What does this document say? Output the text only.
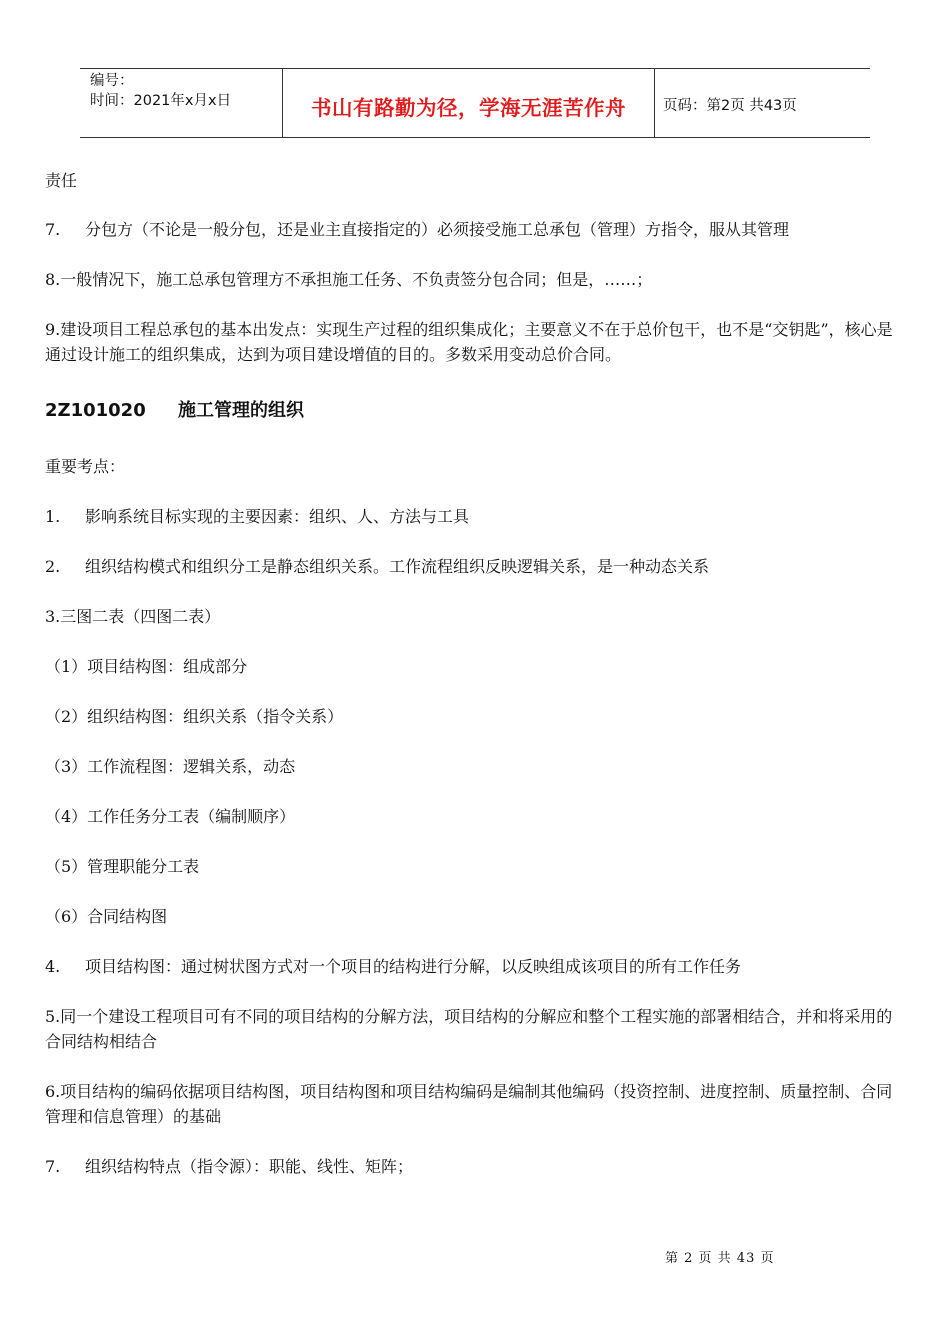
编号：
时间：2021年x月x日	书山有路勤为径，学海无涯苦作舟	页码：第2页 共43页
责任
7. 分包方（不论是一般分包，还是业主直接指定的）必须接受施工总承包（管理）方指令，服从其管理
8.一般情况下，施工总承包管理方不承担施工任务、不负责签分包合同；但是，……；
9.建设项目工程总承包的基本出发点：实现生产过程的组织集成化；主要意义不在于总价包干，也不是“交钥匙”，核心是通过设计施工的组织集成，达到为项目建设增值的目的。多数采用变动总价合同。
2Z101020 施工管理的组织
重要考点：
1. 影响系统目标实现的主要因素：组织、人、方法与工具
2. 组织结构模式和组织分工是静态组织关系。工作流程组织反映逻辑关系，是一种动态关系
3.三图二表（四图二表）
（1）项目结构图：组成部分
（2）组织结构图：组织关系（指令关系）
（3）工作流程图：逻辑关系，动态
（4）工作任务分工表（编制顺序）
（5）管理职能分工表
（6）合同结构图
4. 项目结构图：通过树状图方式对一个项目的结构进行分解，以反映组成该项目的所有工作任务
5.同一个建设工程项目可有不同的项目结构的分解方法，项目结构的分解应和整个工程实施的部署相结合，并和将采用的合同结构相结合
6.项目结构的编码依据项目结构图，项目结构图和项目结构编码是编制其他编码（投资控制、进度控制、质量控制、合同管理和信息管理）的基础
7. 组织结构特点（指令源）：职能、线性、矩阵；
第 2 页 共 43 页
